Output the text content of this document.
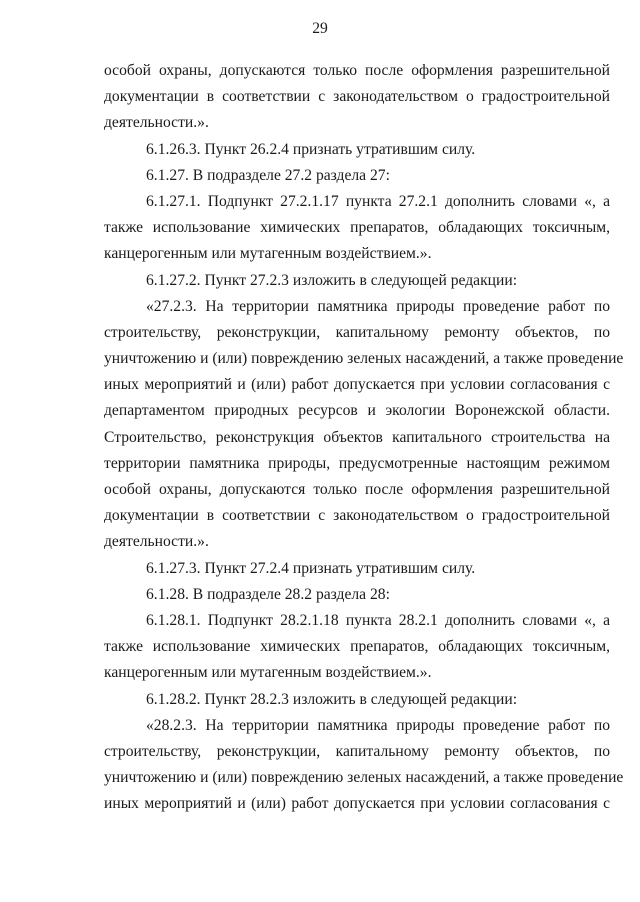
29
особой охраны, допускаются только после оформления разрешительной
документации в соответствии с законодательством о градостроительной
деятельности.».
6.1.26.3. Пункт 26.2.4 признать утратившим силу.
6.1.27. В подразделе 27.2 раздела 27:
6.1.27.1. Подпункт 27.2.1.17 пункта 27.2.1 дополнить словами «, а
также использование химических препаратов, обладающих токсичным,
канцерогенным или мутагенным воздействием.».
6.1.27.2. Пункт 27.2.3 изложить в следующей редакции:
«27.2.3. На территории памятника природы проведение работ по
строительству, реконструкции, капитальному ремонту объектов, по
уничтожению и (или) повреждению зеленых насаждений, а также проведение
иных мероприятий и (или) работ допускается при условии согласования с
департаментом природных ресурсов и экологии Воронежской области.
Строительство, реконструкция объектов капитального строительства на
территории памятника природы, предусмотренные настоящим режимом
особой охраны, допускаются только после оформления разрешительной
документации в соответствии с законодательством о градостроительной
деятельности.».
6.1.27.3. Пункт 27.2.4 признать утратившим силу.
6.1.28. В подразделе 28.2 раздела 28:
6.1.28.1. Подпункт 28.2.1.18 пункта 28.2.1 дополнить словами «, а
также использование химических препаратов, обладающих токсичным,
канцерогенным или мутагенным воздействием.».
6.1.28.2. Пункт 28.2.3 изложить в следующей редакции:
«28.2.3. На территории памятника природы проведение работ по
строительству, реконструкции, капитальному ремонту объектов, по
уничтожению и (или) повреждению зеленых насаждений, а также проведение
иных мероприятий и (или) работ допускается при условии согласования с
